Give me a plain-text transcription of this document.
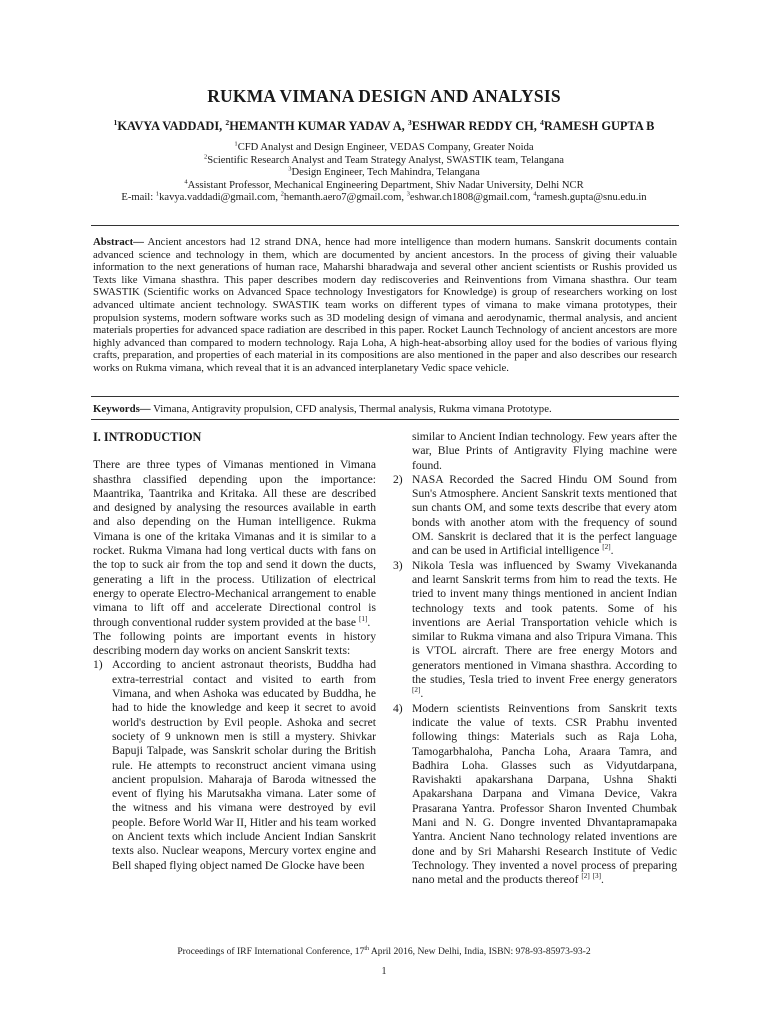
RUKMA VIMANA DESIGN AND ANALYSIS
$^1$KAVYA VADDADI, $^2$HEMANTH KUMAR YADAV A, $^3$ESHWAR REDDY CH, $^4$RAMESH GUPTA B
$^1$CFD Analyst and Design Engineer, VEDAS Company, Greater Noida
$^2$Scientific Research Analyst and Team Strategy Analyst, SWASTIK team, Telangana
$^3$Design Engineer, Tech Mahindra, Telangana
$^4$Assistant Professor, Mechanical Engineering Department, Shiv Nadar University, Delhi NCR
E-mail: $^1$kavya.vaddadi@gmail.com, $^2$hemanth.aero7@gmail.com, $^3$eshwar.ch1808@gmail.com, $^4$ramesh.gupta@snu.edu.in
Abstract— Ancient ancestors had 12 strand DNA, hence had more intelligence than modern humans. Sanskrit documents contain advanced science and technology in them, which are documented by ancient ancestors. In the process of giving their valuable information to the next generations of human race, Maharshi bharadwaja and several other ancient scientists or Rushis provided us Texts like Vimana shasthra. This paper describes modern day rediscoveries and Reinventions from Vimana shasthra. Our team SWASTIK (Scientific works on Advanced Space technology Investigators for Knowledge) is group of researchers working on lost advanced ultimate ancient technology. SWASTIK team works on different types of vimana to make vimana prototypes, their propulsion systems, modern software works such as 3D modeling design of vimana and aerodynamic, thermal analysis, and ancient materials properties for advanced space radiation are described in this paper. Rocket Launch Technology of ancient ancestors are more highly advanced than compared to modern technology. Raja Loha, A high-heat-absorbing alloy used for the bodies of various flying crafts, preparation, and properties of each material in its compositions are also mentioned in the paper and also describes our research works on Rukma vimana, which reveal that it is an advanced interplanetary Vedic space vehicle.
Keywords— Vimana, Antigravity propulsion, CFD analysis, Thermal analysis, Rukma vimana Prototype.
I. INTRODUCTION

There are three types of Vimanas mentioned in Vimana shasthra classified depending upon the importance: Maantrika, Taantrika and Kritaka. All these are described and designed by analysing the resources available in earth and also depending on the Human intelligence. Rukma Vimana is one of the kritaka Vimanas and it is similar to a rocket. Rukma Vimana had long vertical ducts with fans on the top to suck air from the top and send it down the ducts, generating a lift in the process. Utilization of electrical energy to operate Electro-Mechanical arrangement to enable vimana to lift off and accelerate Directional control is through conventional rudder system provided at the base [1].

The following points are important events in history describing modern day works on ancient Sanskrit texts:

1) According to ancient astronaut theorists, Buddha had extra-terrestrial contact and visited to earth from Vimana, and when Ashoka was educated by Buddha, he had to hide the knowledge and keep it secret to avoid world's destruction by Evil people. Ashoka and secret society of 9 unknown men is still a mystery. Shivkar Bapuji Talpade, was Sanskrit scholar during the British rule. He attempts to reconstruct ancient vimana using ancient propulsion. Maharaja of Baroda witnessed the event of flying his Marutsakha vimana. Later some of the witness and his vimana were destroyed by evil people. Before World War II, Hitler and his team worked on Ancient texts which include Ancient Indian Sanskrit texts also. Nuclear weapons, Mercury vortex engine and Bell shaped flying object named De Glocke have been

similar to Ancient Indian technology. Few years after the war, Blue Prints of Antigravity Flying machine were found.

2) NASA Recorded the Sacred Hindu OM Sound from Sun's Atmosphere. Ancient Sanskrit texts mentioned that sun chants OM, and some texts describe that every atom bonds with another atom with the frequency of sound OM. Sanskrit is declared that it is the perfect language and can be used in Artificial intelligence [2].
3) Nikola Tesla was influenced by Swamy Vivekananda and learnt Sanskrit terms from him to read the texts. He tried to invent many things mentioned in ancient Indian technology texts and took patents. Some of his inventions are Aerial Transportation vehicle which is similar to Rukma vimana and also Tripura Vimana. This is VTOL aircraft. There are free energy Motors and generators mentioned in Vimana shasthra. According to the studies, Tesla tried to invent Free energy generators [2].
4) Modern scientists Reinventions from Sanskrit texts indicate the value of texts. CSR Prabhu invented following things: Materials such as Raja Loha, Tamogarbhaloha, Pancha Loha, Araara Tamra, and Badhira Loha. Glasses such as Vidyutdarpana, Ravishakti apakarshana Darpana, Ushna Shakti Apakarshana Darpana and Vimana Device, Vakra Prasarana Yantra. Professor Sharon Invented Chumbak Mani and N. G. Dongre invented Dhvantapramapaka Yantra. Ancient Nano technology related inventions are done and by Sri Maharshi Research Institute of Vedic Technology. They invented a novel process of preparing nano metal and the products thereof [2] [3].
Proceedings of IRF International Conference, 17th April 2016, New Delhi, India, ISBN: 978-93-85973-93-2
1
